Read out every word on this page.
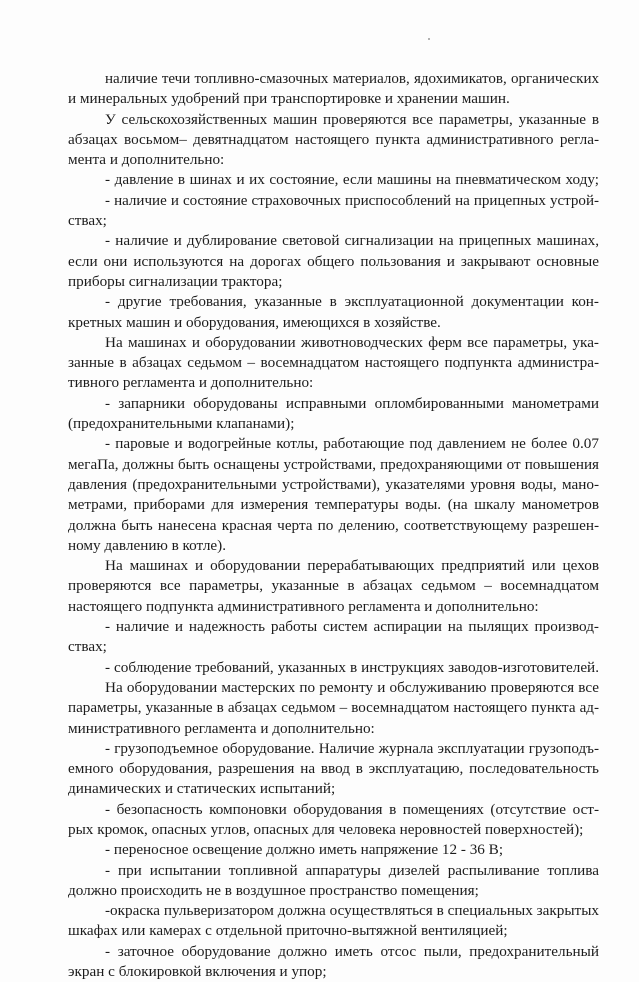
наличие течи топливно-смазочных материалов, ядохимикатов, органических
и минеральных удобрений при транспортировке и хранении машин.
У сельскохозяйственных машин проверяются все параметры, указанные в
абзацах восьмом– девятнадцатом настоящего пункта административного регла-
мента и дополнительно:
- давление в шинах и их состояние, если машины на пневматическом ходу;
- наличие и состояние страховочных приспособлений на прицепных устрой-
ствах;
- наличие и дублирование световой сигнализации на прицепных машинах,
если они используются на дорогах общего пользования и закрывают основные
приборы сигнализации трактора;
- другие требования, указанные в эксплуатационной документации кон-
кретных машин и оборудования, имеющихся в хозяйстве.
На машинах и оборудовании животноводческих ферм все параметры, ука-
занные в абзацах седьмом – восемнадцатом настоящего подпункта администра-
тивного регламента и дополнительно:
- запарники оборудованы исправными опломбированными манометрами
(предохранительными клапанами);
- паровые и водогрейные котлы, работающие под давлением не более 0.07
мегаПа, должны быть оснащены устройствами, предохраняющими от повышения
давления (предохранительными устройствами), указателями уровня воды, мано-
метрами, приборами для измерения температуры воды. (на шкалу манометров
должна быть нанесена красная черта по делению, соответствующему разрешен-
ному давлению в котле).
На машинах и оборудовании перерабатывающих предприятий или цехов
проверяются все параметры, указанные в абзацах седьмом – восемнадцатом
настоящего подпункта административного регламента и дополнительно:
- наличие и надежность работы систем аспирации на пылящих производ-
ствах;
- соблюдение требований, указанных в инструкциях заводов-изготовителей.
На оборудовании мастерских по ремонту и обслуживанию проверяются все
параметры, указанные в абзацах седьмом – восемнадцатом настоящего пункта ад-
министративного регламента и дополнительно:
- грузоподъемное оборудование. Наличие журнала эксплуатации грузоподъ-
емного оборудования, разрешения на ввод в эксплуатацию, последовательность
динамических и статических испытаний;
- безопасность компоновки оборудования в помещениях (отсутствие ост-
рых кромок, опасных углов, опасных для человека неровностей поверхностей);
- переносное освещение должно иметь напряжение 12 - 36 В;
- при испытании топливной аппаратуры дизелей распыливание топлива
должно происходить не в воздушное пространство помещения;
-окраска пульверизатором должна осуществляться в специальных закрытых
шкафах или камерах с отдельной приточно-вытяжной вентиляцией;
- заточное оборудование должно иметь отсос пыли, предохранительный
экран с блокировкой включения и упор;
